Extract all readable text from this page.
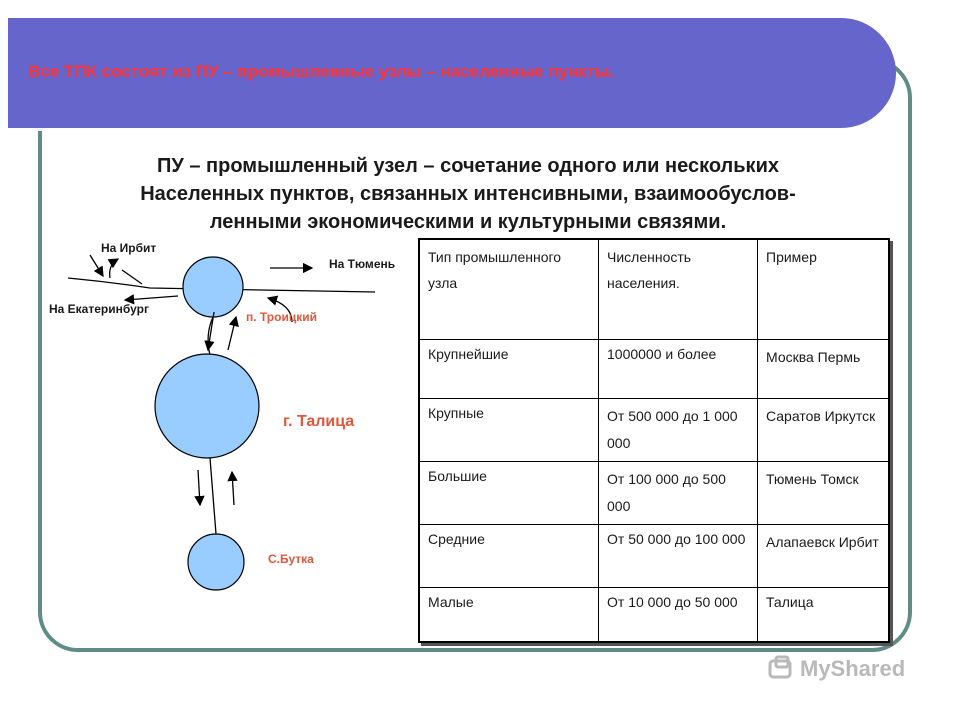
Все ТПК состоят из ПУ – промышленные узлы – населенные пункты.
ПУ – промышленный узел – сочетание одного или нескольких
Населенных пунктов, связанных интенсивными, взаимообуслов-
ленными экономическими и культурными связями.
На Ирбит
На Тюмень
На Екатеринбург
п. Троицкий
г. Талица
С.Бутка
Тип промышленного узла	Численность населения.	Пример
Крупнейшие	1000000 и более	Москва Пермь
Крупные	От 500 000 до 1 000 000	Саратов Иркутск
Большие	От 100 000 до 500 000	Тюмень Томск
Средние	От 50 000 до 100 000	Алапаевск Ирбит
Малые	От 10 000 до 50 000	Талица
MyShared
